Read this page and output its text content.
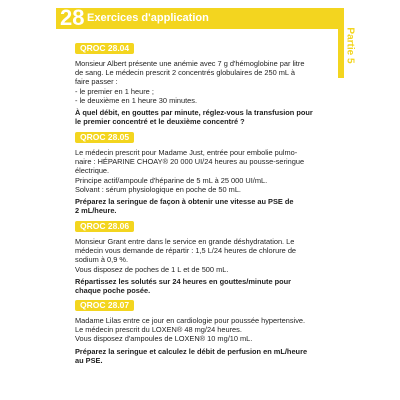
28 Exercices d'application
Partie 5
QROC 28.04

Monsieur Albert présente une anémie avec 7 g d'hémoglobine par litre

de sang. Le médecin prescrit 2 concentrés globulaires de 250 mL à

faire passer :

- le premier en 1 heure ;

- le deuxième en 1 heure 30 minutes.

À quel débit, en gouttes par minute, réglez-vous la transfusion pour

le premier concentré et le deuxième concentré ?

QROC 28.05

Le médecin prescrit pour Madame Just, entrée pour embolie pulmo-

naire : HÉPARINE CHOAY® 20 000 UI/24 heures au pousse-seringue

électrique.

Principe actif/ampoule d'héparine de 5 mL à 25 000 UI/mL.

Solvant : sérum physiologique en poche de 50 mL.

Préparez la seringue de façon à obtenir une vitesse au PSE de

2 mL/heure.

QROC 28.06

Monsieur Grant entre dans le service en grande déshydratation. Le

médecin vous demande de répartir : 1,5 L/24 heures de chlorure de

sodium à 0,9 %.

Vous disposez de poches de 1 L et de 500 mL.

Répartissez les solutés sur 24 heures en gouttes/minute pour

chaque poche posée.

QROC 28.07

Madame Lilas entre ce jour en cardiologie pour poussée hypertensive.

Le médecin prescrit du LOXEN® 48 mg/24 heures.

Vous disposez d'ampoules de LOXEN® 10 mg/10 mL.

Préparez la seringue et calculez le débit de perfusion en mL/heure

au PSE.
